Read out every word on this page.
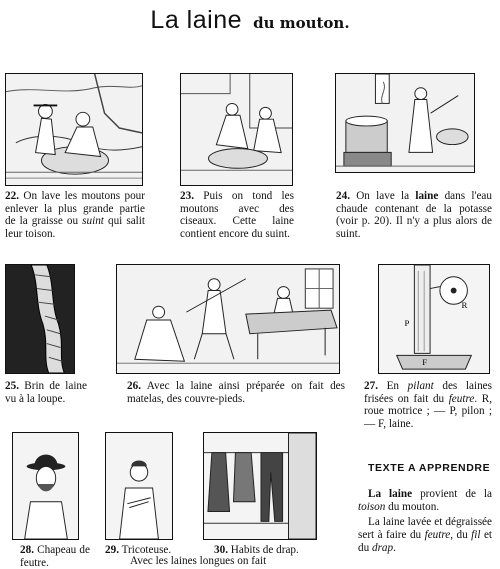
La laine du mouton.
22. On lave les moutons pour enlever la plus grande partie de la graisse ou suint qui salit leur toison.
23. Puis on tond les moutons avec des ciseaux. Cette laine contient encore du suint.
24. On lave la laine dans l'eau chaude contenant de la potasse (voir p. 20). Il n'y a plus alors de suint.
25. Brin de laine vu à la loupe.
26. Avec la laine ainsi préparée on fait des matelas, des couvre-pieds.
R
P
F
27. En pilant des laines frisées on fait du feutre. R, roue motrice ; — P, pilon ; — F, laine.
28. Chapeau de feutre.
29. Tricoteuse.	30. Habits de drap.
Avec les laines longues on fait
TEXTE A APPRENDRE
La laine provient de la toison du mouton.
La laine lavée et dégraissée sert à faire du feutre, du fil et du drap.
